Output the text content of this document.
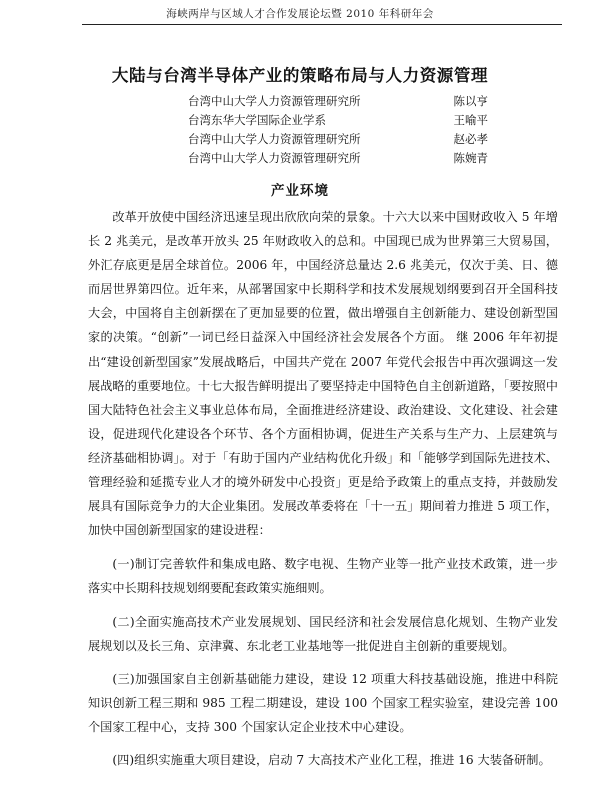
海峡两岸与区域人才合作发展论坛暨 2010 年科研年会
大陆与台湾半导体产业的策略布局与人力资源管理
台湾中山大学人力资源管理研究所	陈以亨
台湾东华大学国际企业学系	王喻平
台湾中山大学人力资源管理研究所	赵必孝
台湾中山大学人力资源管理研究所	陈婉青
产业环境

改革开放使中国经济迅速呈现出欣欣向荣的景象。十六大以来中国财政收入 5 年增长 2 兆美元，是改革开放头 25 年财政收入的总和。中国现已成为世界第三大贸易国，外汇存底更是居全球首位。2006 年，中国经济总量达 2.6 兆美元，仅次于美、日、德而居世界第四位。近年来，从部署国家中长期科学和技术发展规划纲要到召开全国科技大会，中国将自主创新摆在了更加显要的位置，做出增强自主创新能力、建设创新型国家的决策。“创新”一词已经日益深入中国经济社会发展各个方面。 继 2006 年年初提出“建设创新型国家”发展战略后，中国共产党在 2007 年党代会报告中再次强调这一发展战略的重要地位。十七大报告鲜明提出了要坚持走中国特色自主创新道路，「要按照中国大陆特色社会主义事业总体布局，全面推进经济建设、政治建设、文化建设、社会建设，促进现代化建设各个环节、各个方面相协调，促进生产关系与生产力、上层建筑与经济基础相协调」。对于「有助于国内产业结构优化升级」和「能够学到国际先进技术、管理经验和延揽专业人才的境外研发中心投资」更是给予政策上的重点支持，并鼓励发展具有国际竞争力的大企业集团。发展改革委将在「十一五」期间着力推进 5 项工作，加快中国创新型国家的建设进程：

(一)制订完善软件和集成电路、数字电视、生物产业等一批产业技术政策，进一步落实中长期科技规划纲要配套政策实施细则。

(二)全面实施高技术产业发展规划、国民经济和社会发展信息化规划、生物产业发展规划以及长三角、京津冀、东北老工业基地等一批促进自主创新的重要规划。

(三)加强国家自主创新基础能力建设，建设 12 项重大科技基础设施，推进中科院知识创新工程三期和 985 工程二期建设，建设 100 个国家工程实验室，建设完善 100 个国家工程中心，支持 300 个国家认定企业技术中心建设。

(四)组织实施重大项目建设，启动 7 大高技术产业化工程，推进 16 大装备研制。
